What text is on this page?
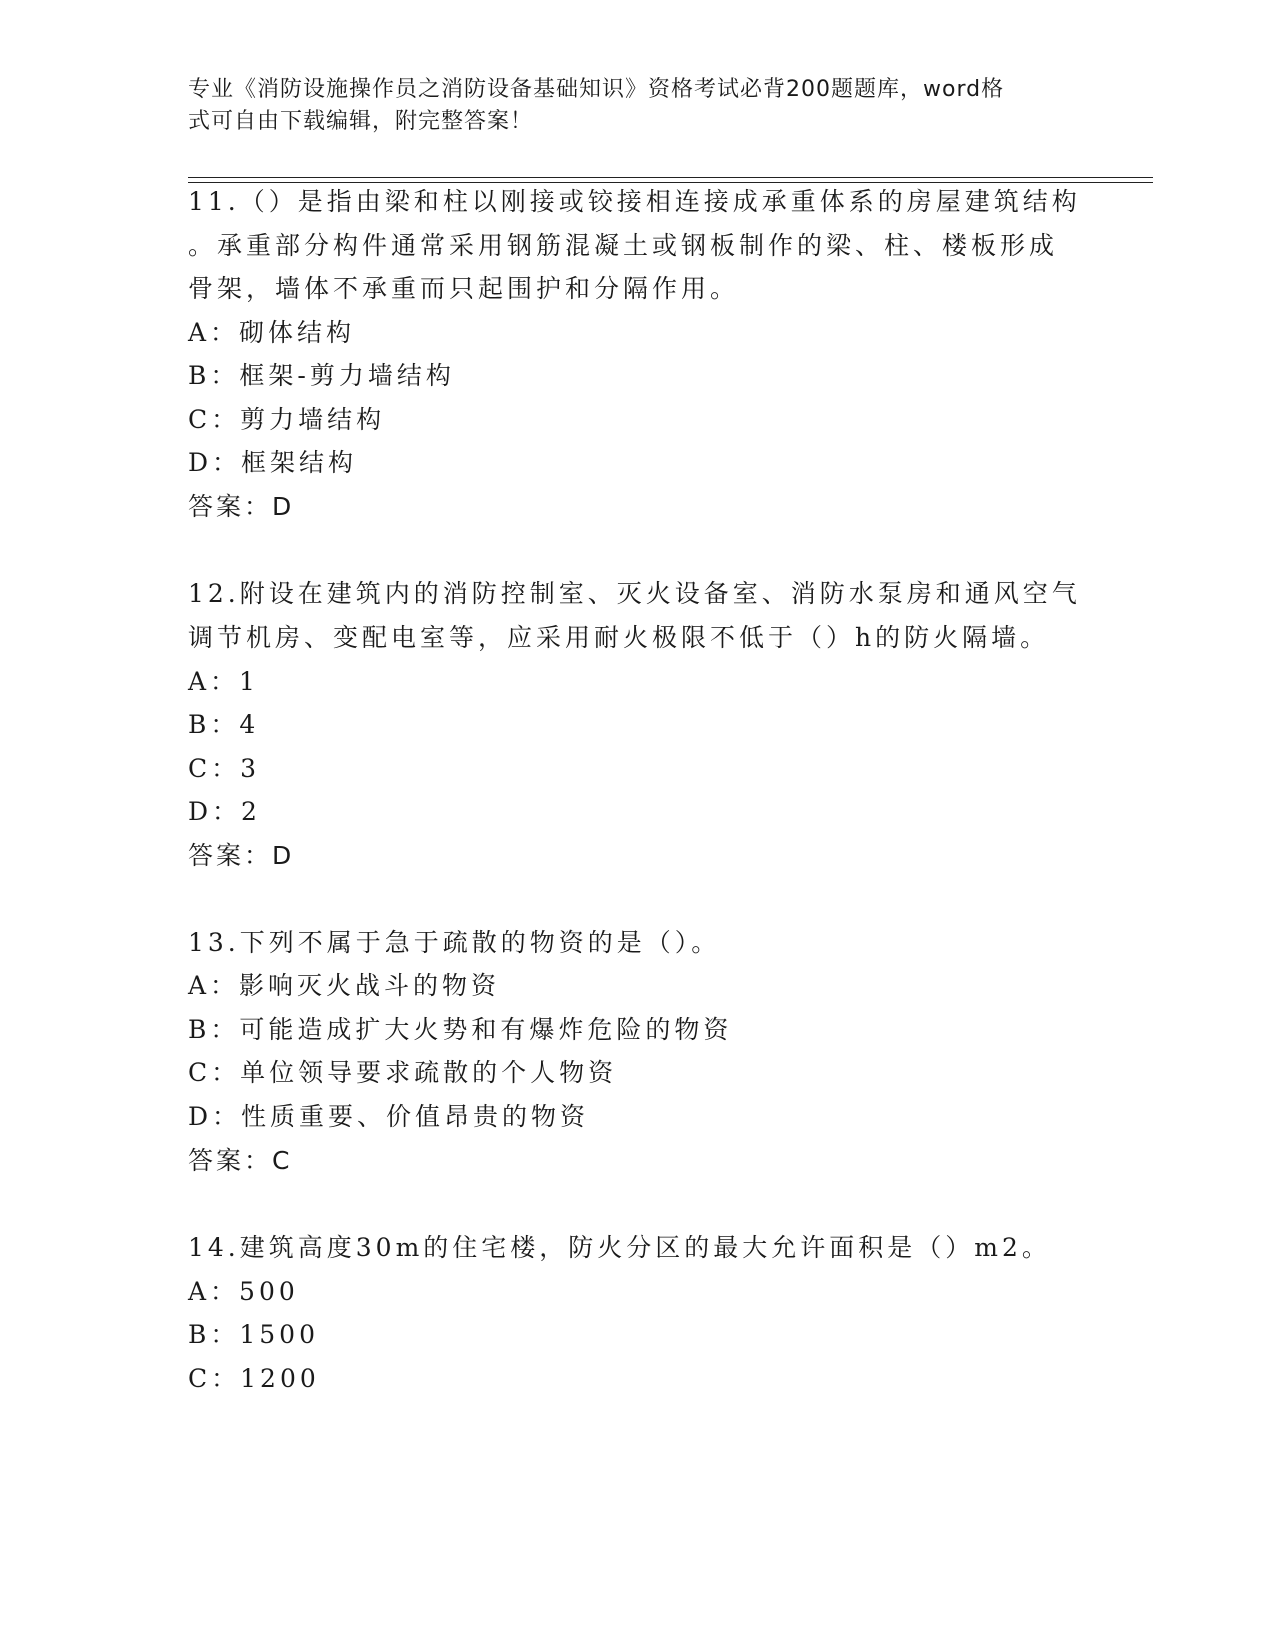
专业《消防设施操作员之消防设备基础知识》资格考试必背200题题库，word格

式可自由下载编辑，附完整答案！

11.（）是指由梁和柱以刚接或铰接相连接成承重体系的房屋建筑结构

。承重部分构件通常采用钢筋混凝土或钢板制作的梁、柱、楼板形成

骨架，墙体不承重而只起围护和分隔作用。

A：砌体结构

B：框架-剪力墙结构

C：剪力墙结构

D：框架结构

答案：D

12.附设在建筑内的消防控制室、灭火设备室、消防水泵房和通风空气

调节机房、变配电室等，应采用耐火极限不低于（）h的防火隔墙。

A：1

B：4

C：3

D：2

答案：D

13.下列不属于急于疏散的物资的是（）。

A：影响灭火战斗的物资

B：可能造成扩大火势和有爆炸危险的物资

C：单位领导要求疏散的个人物资

D：性质重要、价值昂贵的物资

答案：C

14.建筑高度30m的住宅楼，防火分区的最大允许面积是（）m2。

A：500

B：1500

C：1200
